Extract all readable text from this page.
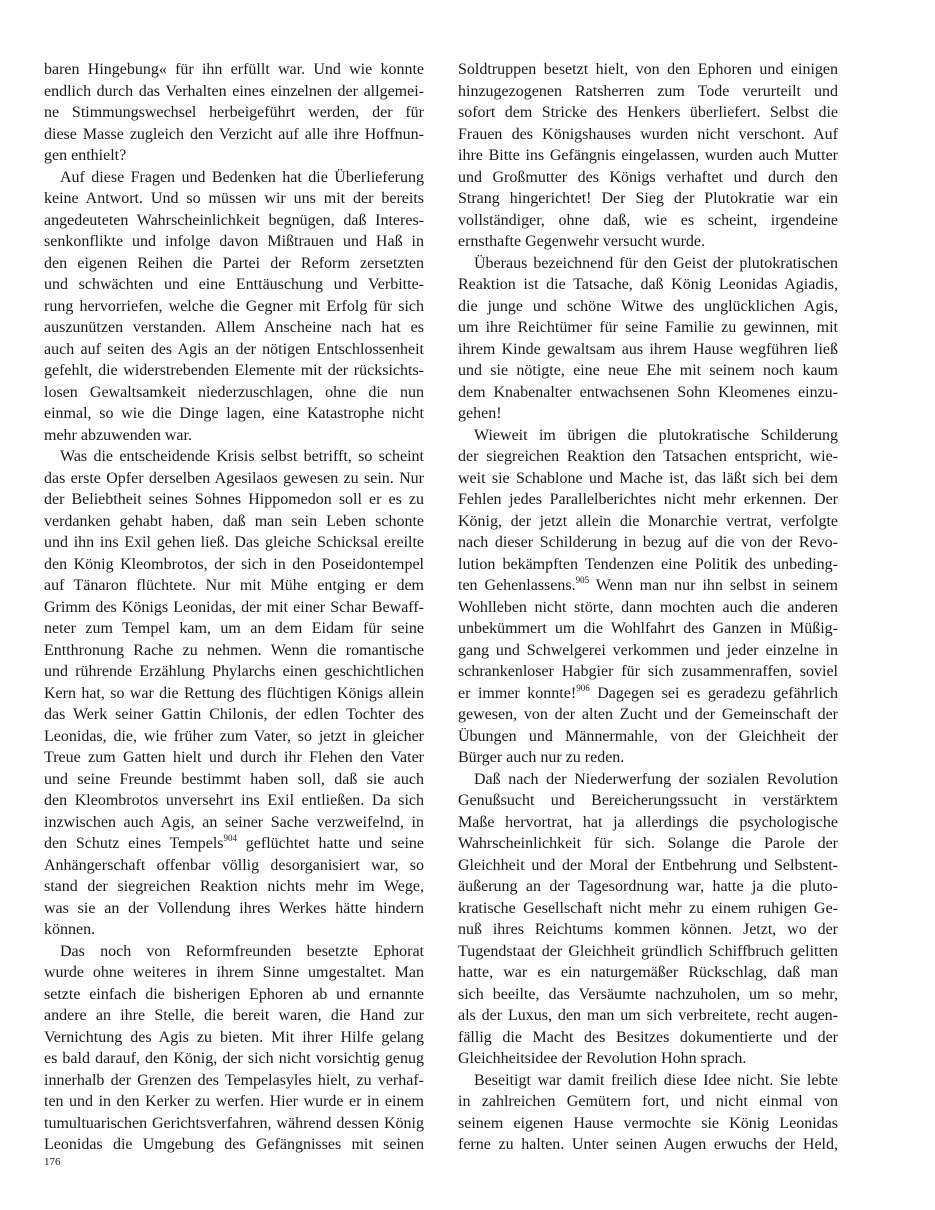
baren Hingebung« für ihn erfüllt war. Und wie konnte
endlich durch das Verhalten eines einzelnen der allgemei-
ne Stimmungswechsel herbeigeführt werden, der für
diese Masse zugleich den Verzicht auf alle ihre Hoffnun-
gen enthielt?
Auf diese Fragen und Bedenken hat die Überlieferung
keine Antwort. Und so müssen wir uns mit der bereits
angedeuteten Wahrscheinlichkeit begnügen, daß Interes-
senkonflikte und infolge davon Mißtrauen und Haß in
den eigenen Reihen die Partei der Reform zersetzten
und schwächten und eine Enttäuschung und Verbitte-
rung hervorriefen, welche die Gegner mit Erfolg für sich
auszunützen verstanden. Allem Anscheine nach hat es
auch auf seiten des Agis an der nötigen Entschlossenheit
gefehlt, die widerstrebenden Elemente mit der rücksichts-
losen Gewaltsamkeit niederzuschlagen, ohne die nun
einmal, so wie die Dinge lagen, eine Katastrophe nicht
mehr abzuwenden war.
Was die entscheidende Krisis selbst betrifft, so scheint
das erste Opfer derselben Agesilaos gewesen zu sein. Nur
der Beliebtheit seines Sohnes Hippomedon soll er es zu
verdanken gehabt haben, daß man sein Leben schonte
und ihn ins Exil gehen ließ. Das gleiche Schicksal ereilte
den König Kleombrotos, der sich in den Poseidontempel
auf Tänaron flüchtete. Nur mit Mühe entging er dem
Grimm des Königs Leonidas, der mit einer Schar Bewaff-
neter zum Tempel kam, um an dem Eidam für seine
Entthronung Rache zu nehmen. Wenn die romantische
und rührende Erzählung Phylarchs einen geschichtlichen
Kern hat, so war die Rettung des flüchtigen Königs allein
das Werk seiner Gattin Chilonis, der edlen Tochter des
Leonidas, die, wie früher zum Vater, so jetzt in gleicher
Treue zum Gatten hielt und durch ihr Flehen den Vater
und seine Freunde bestimmt haben soll, daß sie auch
den Kleombrotos unversehrt ins Exil entließen. Da sich
inzwischen auch Agis, an seiner Sache verzweifelnd, in
den Schutz eines Tempels$^{904}$ geflüchtet hatte und seine
Anhängerschaft offenbar völlig desorganisiert war, so
stand der siegreichen Reaktion nichts mehr im Wege,
was sie an der Vollendung ihres Werkes hätte hindern
können.
Das noch von Reformfreunden besetzte Ephorat
wurde ohne weiteres in ihrem Sinne umgestaltet. Man
setzte einfach die bisherigen Ephoren ab und ernannte
andere an ihre Stelle, die bereit waren, die Hand zur
Vernichtung des Agis zu bieten. Mit ihrer Hilfe gelang
es bald darauf, den König, der sich nicht vorsichtig genug
innerhalb der Grenzen des Tempelasyles hielt, zu verhaf-
ten und in den Kerker zu werfen. Hier wurde er in einem
tumultuarischen Gerichtsverfahren, während dessen König
Leonidas die Umgebung des Gefängnisses mit seinen
Soldtruppen besetzt hielt, von den Ephoren und einigen
hinzugezogenen Ratsherren zum Tode verurteilt und
sofort dem Stricke des Henkers überliefert. Selbst die
Frauen des Königshauses wurden nicht verschont. Auf
ihre Bitte ins Gefängnis eingelassen, wurden auch Mutter
und Großmutter des Königs verhaftet und durch den
Strang hingerichtet! Der Sieg der Plutokratie war ein
vollständiger, ohne daß, wie es scheint, irgendeine
ernsthafte Gegenwehr versucht wurde.
Überaus bezeichnend für den Geist der plutokratischen
Reaktion ist die Tatsache, daß König Leonidas Agiadis,
die junge und schöne Witwe des unglücklichen Agis,
um ihre Reichtümer für seine Familie zu gewinnen, mit
ihrem Kinde gewaltsam aus ihrem Hause wegführen ließ
und sie nötigte, eine neue Ehe mit seinem noch kaum
dem Knabenalter entwachsenen Sohn Kleomenes einzu-
gehen!
Wieweit im übrigen die plutokratische Schilderung
der siegreichen Reaktion den Tatsachen entspricht, wie-
weit sie Schablone und Mache ist, das läßt sich bei dem
Fehlen jedes Parallelberichtes nicht mehr erkennen. Der
König, der jetzt allein die Monarchie vertrat, verfolgte
nach dieser Schilderung in bezug auf die von der Revo-
lution bekämpften Tendenzen eine Politik des unbeding-
ten Gehenlassens.$^{905}$ Wenn man nur ihn selbst in seinem
Wohlleben nicht störte, dann mochten auch die anderen
unbekümmert um die Wohlfahrt des Ganzen in Müßig-
gang und Schwelgerei verkommen und jeder einzelne in
schrankenloser Habgier für sich zusammenraffen, soviel
er immer konnte!$^{906}$ Dagegen sei es geradezu gefährlich
gewesen, von der alten Zucht und der Gemeinschaft der
Übungen und Männermahle, von der Gleichheit der
Bürger auch nur zu reden.
Daß nach der Niederwerfung der sozialen Revolution
Genußsucht und Bereicherungssucht in verstärktem
Maße hervortrat, hat ja allerdings die psychologische
Wahrscheinlichkeit für sich. Solange die Parole der
Gleichheit und der Moral der Entbehrung und Selbstent-
äußerung an der Tagesordnung war, hatte ja die pluto-
kratische Gesellschaft nicht mehr zu einem ruhigen Ge-
nuß ihres Reichtums kommen können. Jetzt, wo der
Tugendstaat der Gleichheit gründlich Schiffbruch gelitten
hatte, war es ein naturgemäßer Rückschlag, daß man
sich beeilte, das Versäumte nachzuholen, um so mehr,
als der Luxus, den man um sich verbreitete, recht augen-
fällig die Macht des Besitzes dokumentierte und der
Gleichheitsidee der Revolution Hohn sprach.
Beseitigt war damit freilich diese Idee nicht. Sie lebte
in zahlreichen Gemütern fort, und nicht einmal von
seinem eigenen Hause vermochte sie König Leonidas
ferne zu halten. Unter seinen Augen erwuchs der Held,
176
